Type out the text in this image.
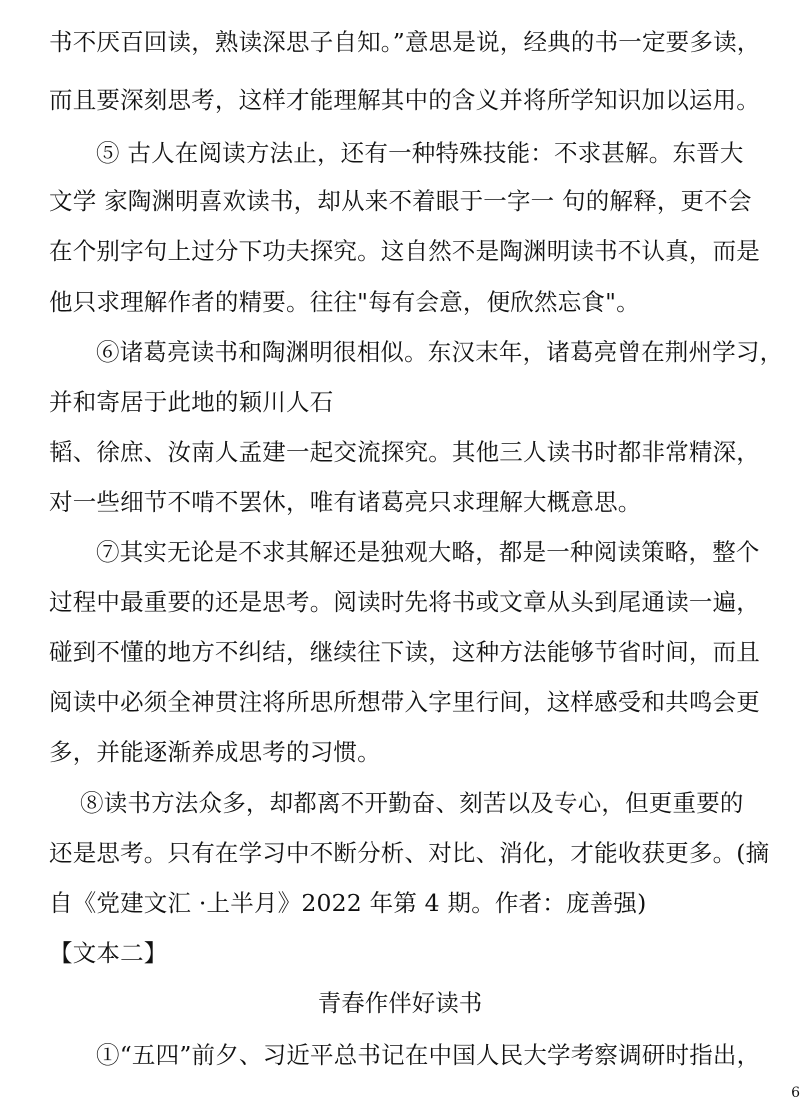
书不厌百回读，熟读深思子自知。”意思是说，经典的书一定要多读，
而且要深刻思考，这样才能理解其中的含义并将所学知识加以运用。
⑤ 古人在阅读方法止，还有一种特殊技能：不求甚解。东晋大
文学 家陶渊明喜欢读书，却从来不着眼于一字一 句的解释，更不会
在个别字句上过分下功夫探究。这自然不是陶渊明读书不认真，而是
他只求理解作者的精要。往往"每有会意，便欣然忘食"。
⑥诸葛亮读书和陶渊明很相似。东汉末年，诸葛亮曾在荆州学习，
并和寄居于此地的颖川人石
韬、徐庶、汝南人孟建一起交流探究。其他三人读书时都非常精深，
对一些细节不啃不罢休，唯有诸葛亮只求理解大概意思。
⑦其实无论是不求其解还是独观大略，都是一种阅读策略，整个
过程中最重要的还是思考。阅读时先将书或文章从头到尾通读一遍，
碰到不懂的地方不纠结，继续往下读，这种方法能够节省时间，而且
阅读中必须全神贯注将所思所想带入字里行间，这样感受和共鸣会更
多，并能逐渐养成思考的习惯。
⑧读书方法众多，却都离不开勤奋、刻苦以及专心，但更重要的
还是思考。只有在学习中不断分析、对比、消化，才能收获更多。(摘
自《党建文汇 ·上半月》2022 年第 4 期。作者：庞善强)
【文本二】
青春作伴好读书
①“五四”前夕、习近平总书记在中国人民大学考察调研时指出，
6
